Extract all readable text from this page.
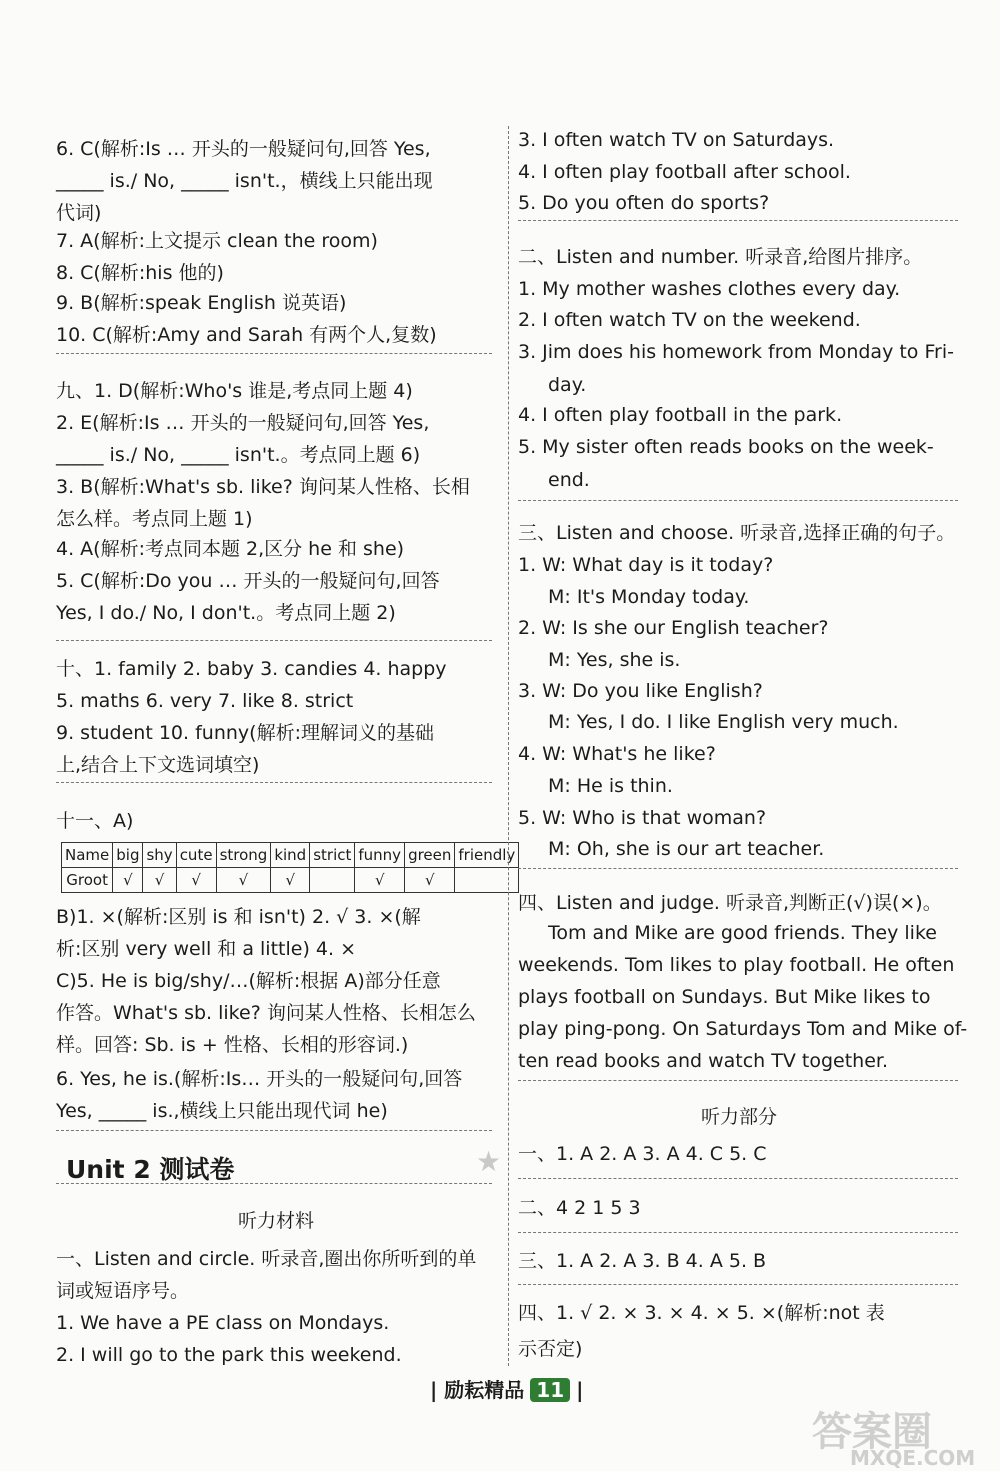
6. C(解析:Is … 开头的一般疑问句,回答 Yes,
_____ is./ No, _____ isn't.，横线上只能出现
代词)
7. A(解析:上文提示 clean the room)
8. C(解析:his 他的)
9. B(解析:speak English 说英语)
10. C(解析:Amy and Sarah 有两个人,复数)
九、1. D(解析:Who's 谁是,考点同上题 4)
2. E(解析:Is … 开头的一般疑问句,回答 Yes,
_____ is./ No, _____ isn't.。考点同上题 6)
3. B(解析:What's sb. like? 询问某人性格、长相
怎么样。考点同上题 1)
4. A(解析:考点同本题 2,区分 he 和 she)
5. C(解析:Do you … 开头的一般疑问句,回答
Yes, I do./ No, I don't.。考点同上题 2)
十、1. family 2. baby 3. candies 4. happy
5. maths 6. very 7. like 8. strict
9. student 10. funny(解析:理解词义的基础
上,结合上下文选词填空)
十一、A)
B)1. ×(解析:区别 is 和 isn't) 2. √ 3. ×(解
析:区别 very well 和 a little) 4. ×
C)5. He is big/shy/…(解析:根据 A)部分任意
作答。What's sb. like? 询问某人性格、长相怎么
样。回答: Sb. is + 性格、长相的形容词.)
6. Yes, he is.(解析:Is… 开头的一般疑问句,回答
Yes, _____ is.,横线上只能出现代词 he)
听力材料
一、Listen and circle. 听录音,圈出你所听到的单
词或短语序号。
1. We have a PE class on Mondays.
2. I will go to the park this weekend.
Unit 2 测试卷	★
Name	big	shy	cute	strong	kind	strict	funny	green	friendly
Groot	√	√	√	√	√		√	√	
3. I often watch TV on Saturdays.
4. I often play football after school.
5. Do you often do sports?
二、Listen and number. 听录音,给图片排序。
1. My mother washes clothes every day.
2. I often watch TV on the weekend.
3. Jim does his homework from Monday to Fri-
day.
4. I often play football in the park.
5. My sister often reads books on the week-
end.
三、Listen and choose. 听录音,选择正确的句子。
1. W: What day is it today?
M: It's Monday today.
2. W: Is she our English teacher?
M: Yes, she is.
3. W: Do you like English?
M: Yes, I do. I like English very much.
4. W: What's he like?
M: He is thin.
5. W: Who is that woman?
M: Oh, she is our art teacher.
四、Listen and judge. 听录音,判断正(√)误(×)。
Tom and Mike are good friends. They like
weekends. Tom likes to play football. He often
plays football on Sundays. But Mike likes to
play ping-pong. On Saturdays Tom and Mike of-
ten read books and watch TV together.
听力部分
一、1. A 2. A 3. A 4. C 5. C
二、4 2 1 5 3
三、1. A 2. A 3. B 4. A 5. B
四、1. √ 2. × 3. × 4. × 5. ×(解析:not 表
示否定)
| 励耘精品 11 |
答案圈
MXQE.COM
